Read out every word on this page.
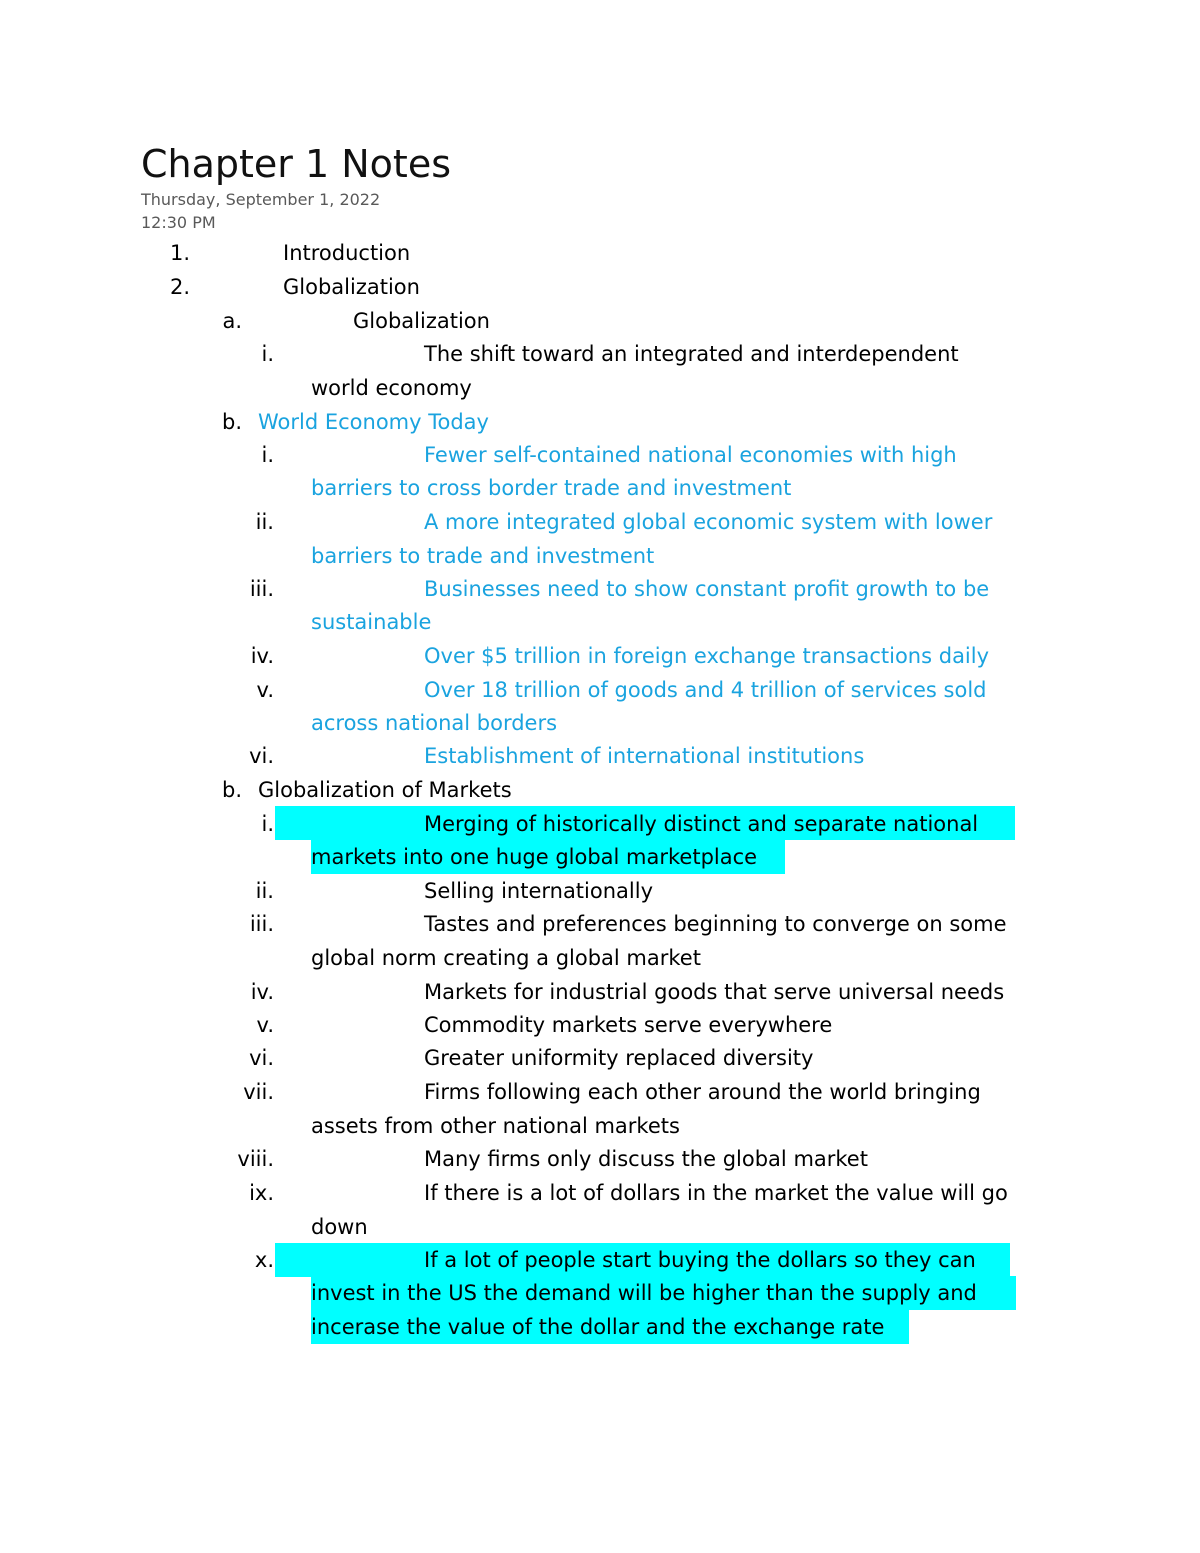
Chapter 1 Notes
Thursday, September 1, 2022
12:30 PM
1.	Introduction
2.	Globalization
a.	Globalization
i.	The shift toward an integrated and interdependent
world economy
b. World Economy Today
i.	Fewer self-contained national economies with high
barriers to cross border trade and investment
ii.	A more integrated global economic system with lower
barriers to trade and investment
iii.	Businesses need to show constant profit growth to be
sustainable
iv.	Over $5 trillion in foreign exchange transactions daily
v.	Over 18 trillion of goods and 4 trillion of services sold
across national borders
vi.	Establishment of international institutions
b. Globalization of Markets
i.	Merging of historically distinct and separate national
markets into one huge global marketplace
ii.	Selling internationally
iii.	Tastes and preferences beginning to converge on some
global norm creating a global market
iv.	Markets for industrial goods that serve universal needs
v.	Commodity markets serve everywhere
vi.	Greater uniformity replaced diversity
vii.	Firms following each other around the world bringing
assets from other national markets
viii.	Many firms only discuss the global market
ix.	If there is a lot of dollars in the market the value will go
down
x.	If a lot of people start buying the dollars so they can
invest in the US the demand will be higher than the supply and
incerase the value of the dollar and the exchange rate
